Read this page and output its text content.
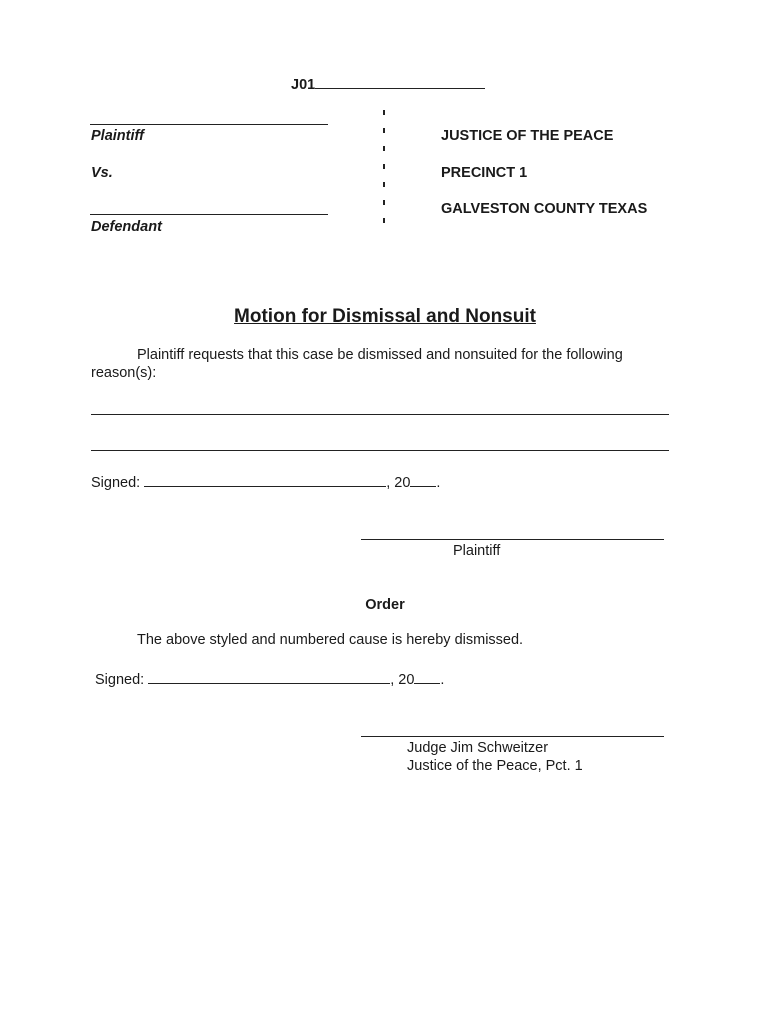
J01
Plaintiff
Vs.
Defendant
JUSTICE OF THE PEACE
PRECINCT 1
GALVESTON COUNTY TEXAS
Motion for Dismissal and Nonsuit
Plaintiff requests that this case be dismissed and nonsuited for the following
reason(s):
Signed:	, 20 .
Plaintiff
Order
The above styled and numbered cause is hereby dismissed.
Signed:	, 20 .
Judge Jim Schweitzer
Justice of the Peace, Pct. 1
